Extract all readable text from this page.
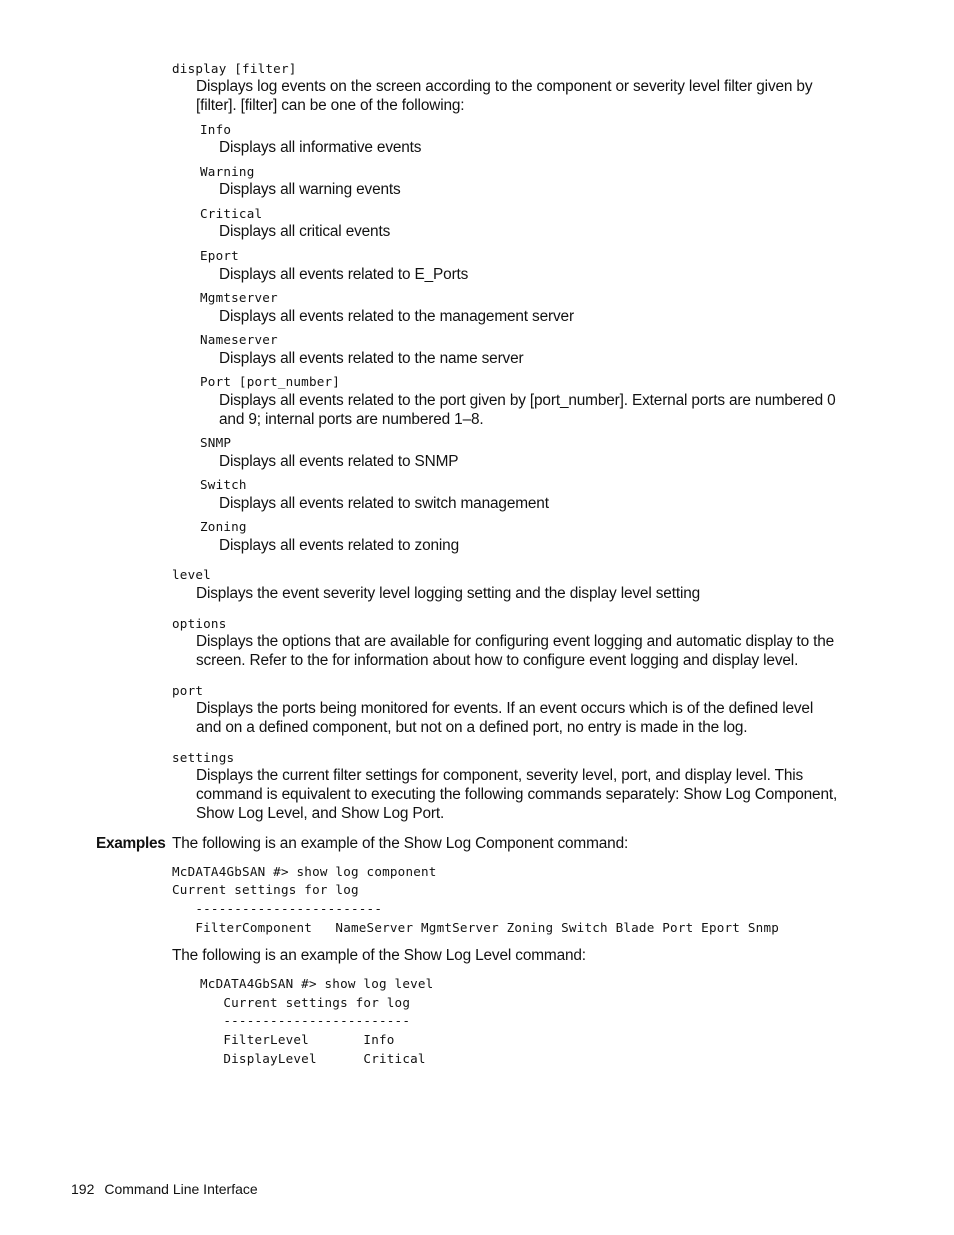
display [filter]
Displays log events on the screen according to the component or severity level filter given by [filter]. [filter] can be one of the following:
Info
Displays all informative events
Warning
Displays all warning events
Critical
Displays all critical events
Eport
Displays all events related to E_Ports
Mgmtserver
Displays all events related to the management server
Nameserver
Displays all events related to the name server
Port [port_number]
Displays all events related to the port given by [port_number]. External ports are numbered 0 and 9; internal ports are numbered 1–8.
SNMP
Displays all events related to SNMP
Switch
Displays all events related to switch management
Zoning
Displays all events related to zoning
level
Displays the event severity level logging setting and the display level setting
options
Displays the options that are available for configuring event logging and automatic display to the screen. Refer to the for information about how to configure event logging and display level.
port
Displays the ports being monitored for events. If an event occurs which is of the defined level and on a defined component, but not on a defined port, no entry is made in the log.
settings
Displays the current filter settings for component, severity level, port, and display level. This command is equivalent to executing the following commands separately: Show Log Component, Show Log Level, and Show Log Port.
Examples The following is an example of the Show Log Component command:
McDATA4GbSAN #> show log component
Current settings for log
------------------------
FilterComponent   NameServer MgmtServer Zoning Switch Blade Port Eport Snmp
The following is an example of the Show Log Level command:
McDATA4GbSAN #> show log level
Current settings for log
------------------------
FilterLevel       Info
DisplayLevel      Critical
192 Command Line Interface
